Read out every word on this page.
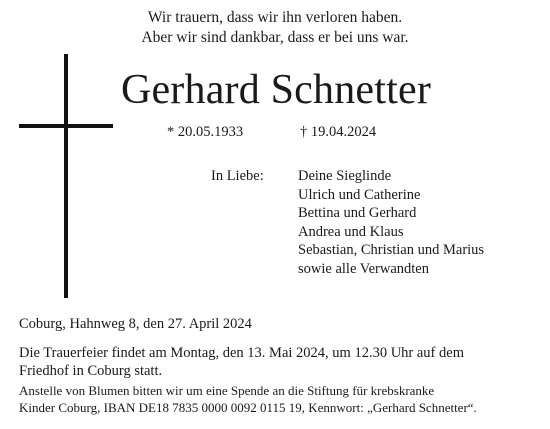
Wir trauern, dass wir ihn verloren haben.
Aber wir sind dankbar, dass er bei uns war.
Gerhard Schnetter
* 20.05.1933	† 19.04.2024
In Liebe: Deine Sieglinde
Ulrich und Catherine
Bettina und Gerhard
Andrea und Klaus
Sebastian, Christian und Marius
sowie alle Verwandten
Coburg, Hahnweg 8, den 27. April 2024
Die Trauerfeier findet am Montag, den 13. Mai 2024, um 12.30 Uhr auf dem
Friedhof in Coburg statt.
Anstelle von Blumen bitten wir um eine Spende an die Stiftung für krebskranke
Kinder Coburg, IBAN DE18 7835 0000 0092 0115 19, Kennwort: „Gerhard Schnetter“.
